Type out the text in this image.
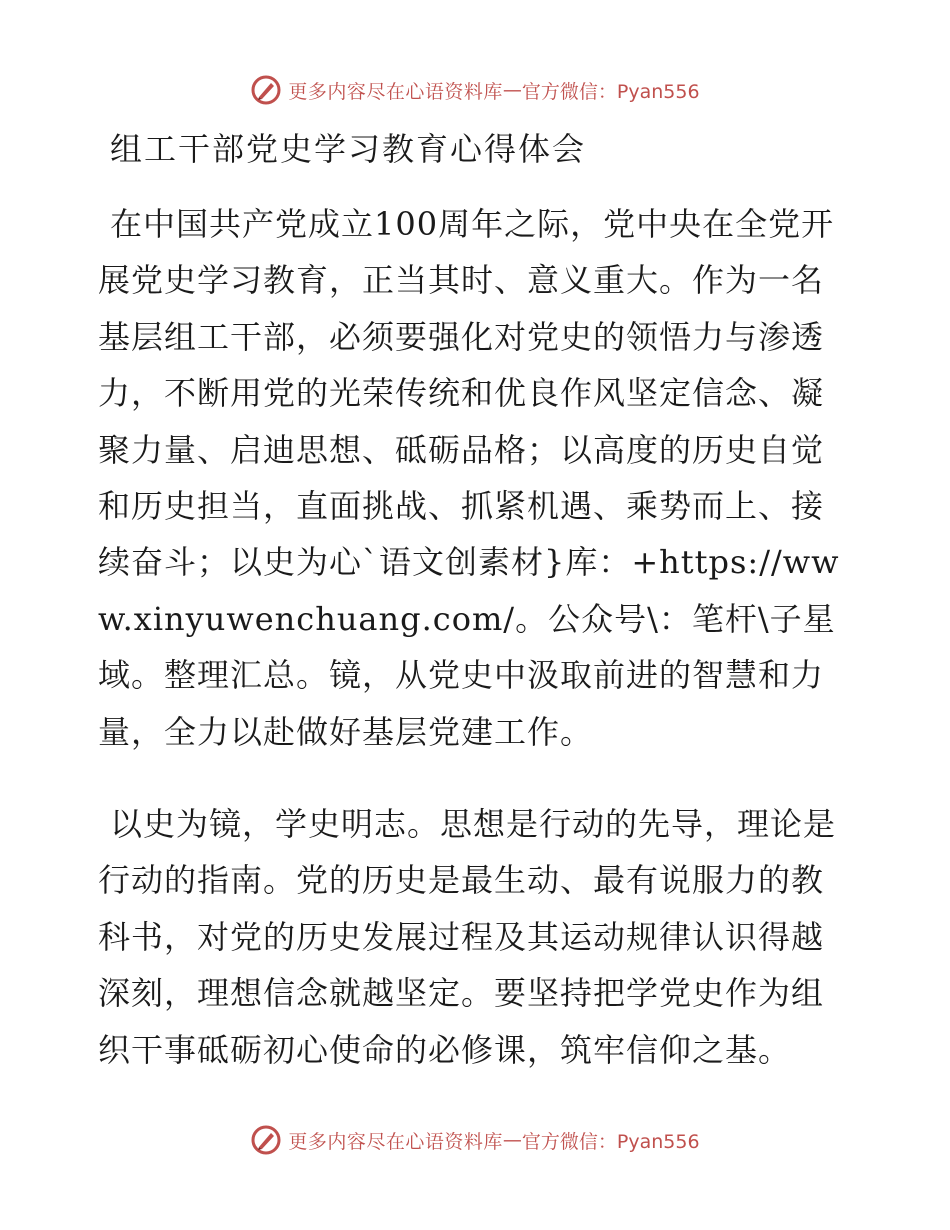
更多内容尽在心语资料库 — 官方微信：Pyan556
组工干部党史学习教育心得体会

在中国共产党成立100周年之际，党中央在全党开展党史学习教育，正当其时、意义重大。作为一名基层组工干部，必须要强化对党史的领悟力与渗透力，不断用党的光荣传统和优良作风坚定信念、凝聚力量、启迪思想、砥砺品格；以高度的历史自觉和历史担当，直面挑战、抓紧机遇、乘势而上、接续奋斗；以史为心`语文创素材}库：+https://www.xinyuwenchuang.com/。公众号\：笔杆\子星域。整理汇总。镜，从党史中汲取前进的智慧和力量，全力以赴做好基层党建工作。

以史为镜，学史明志。思想是行动的先导，理论是行动的指南。党的历史是最生动、最有说服力的教科书，对党的历史发展过程及其运动规律认识得越深刻，理想信念就越坚定。要坚持把学党史作为组织干事砥砺初心使命的必修课，筑牢信仰之基。

更多内容尽在心语资料库 — 官方微信：Pyan556
